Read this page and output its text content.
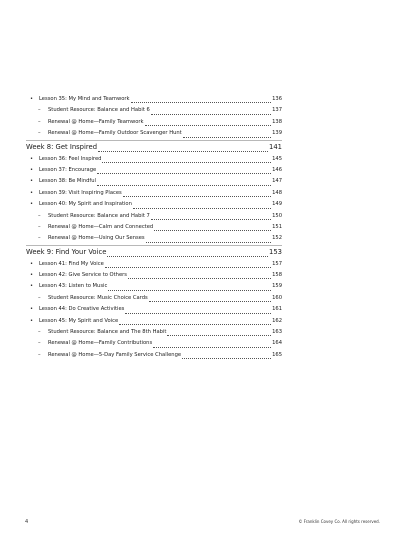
•	Lesson 35: My Mind and Teamwork	136
–	Student Resource: Balance and Habit 6	137
–	Renewal @ Home—Family Teamwork	138
–	Renewal @ Home—Family Outdoor Scavenger Hunt	139
Week 8: Get Inspired	141
•	Lesson 36: Feel Inspired	145
•	Lesson 37: Encourage	146
•	Lesson 38: Be Mindful	147
•	Lesson 39: Visit Inspiring Places	148
•	Lesson 40: My Spirit and Inspiration	149
–	Student Resource: Balance and Habit 7	150
–	Renewal @ Home—Calm and Connected	151
–	Renewal @ Home—Using Our Senses	152
Week 9: Find Your Voice	153
•	Lesson 41: Find My Voice	157
•	Lesson 42: Give Service to Others	158
•	Lesson 43: Listen to Music	159
–	Student Resource: Music Choice Cards	160
•	Lesson 44: Do Creative Activities	161
•	Lesson 45: My Spirit and Voice	162
–	Student Resource: Balance and The 8th Habit	163
–	Renewal @ Home—Family Contributions	164
–	Renewal @ Home—5-Day Family Service Challenge	165
4	© Franklin Covey Co. All rights reserved.
